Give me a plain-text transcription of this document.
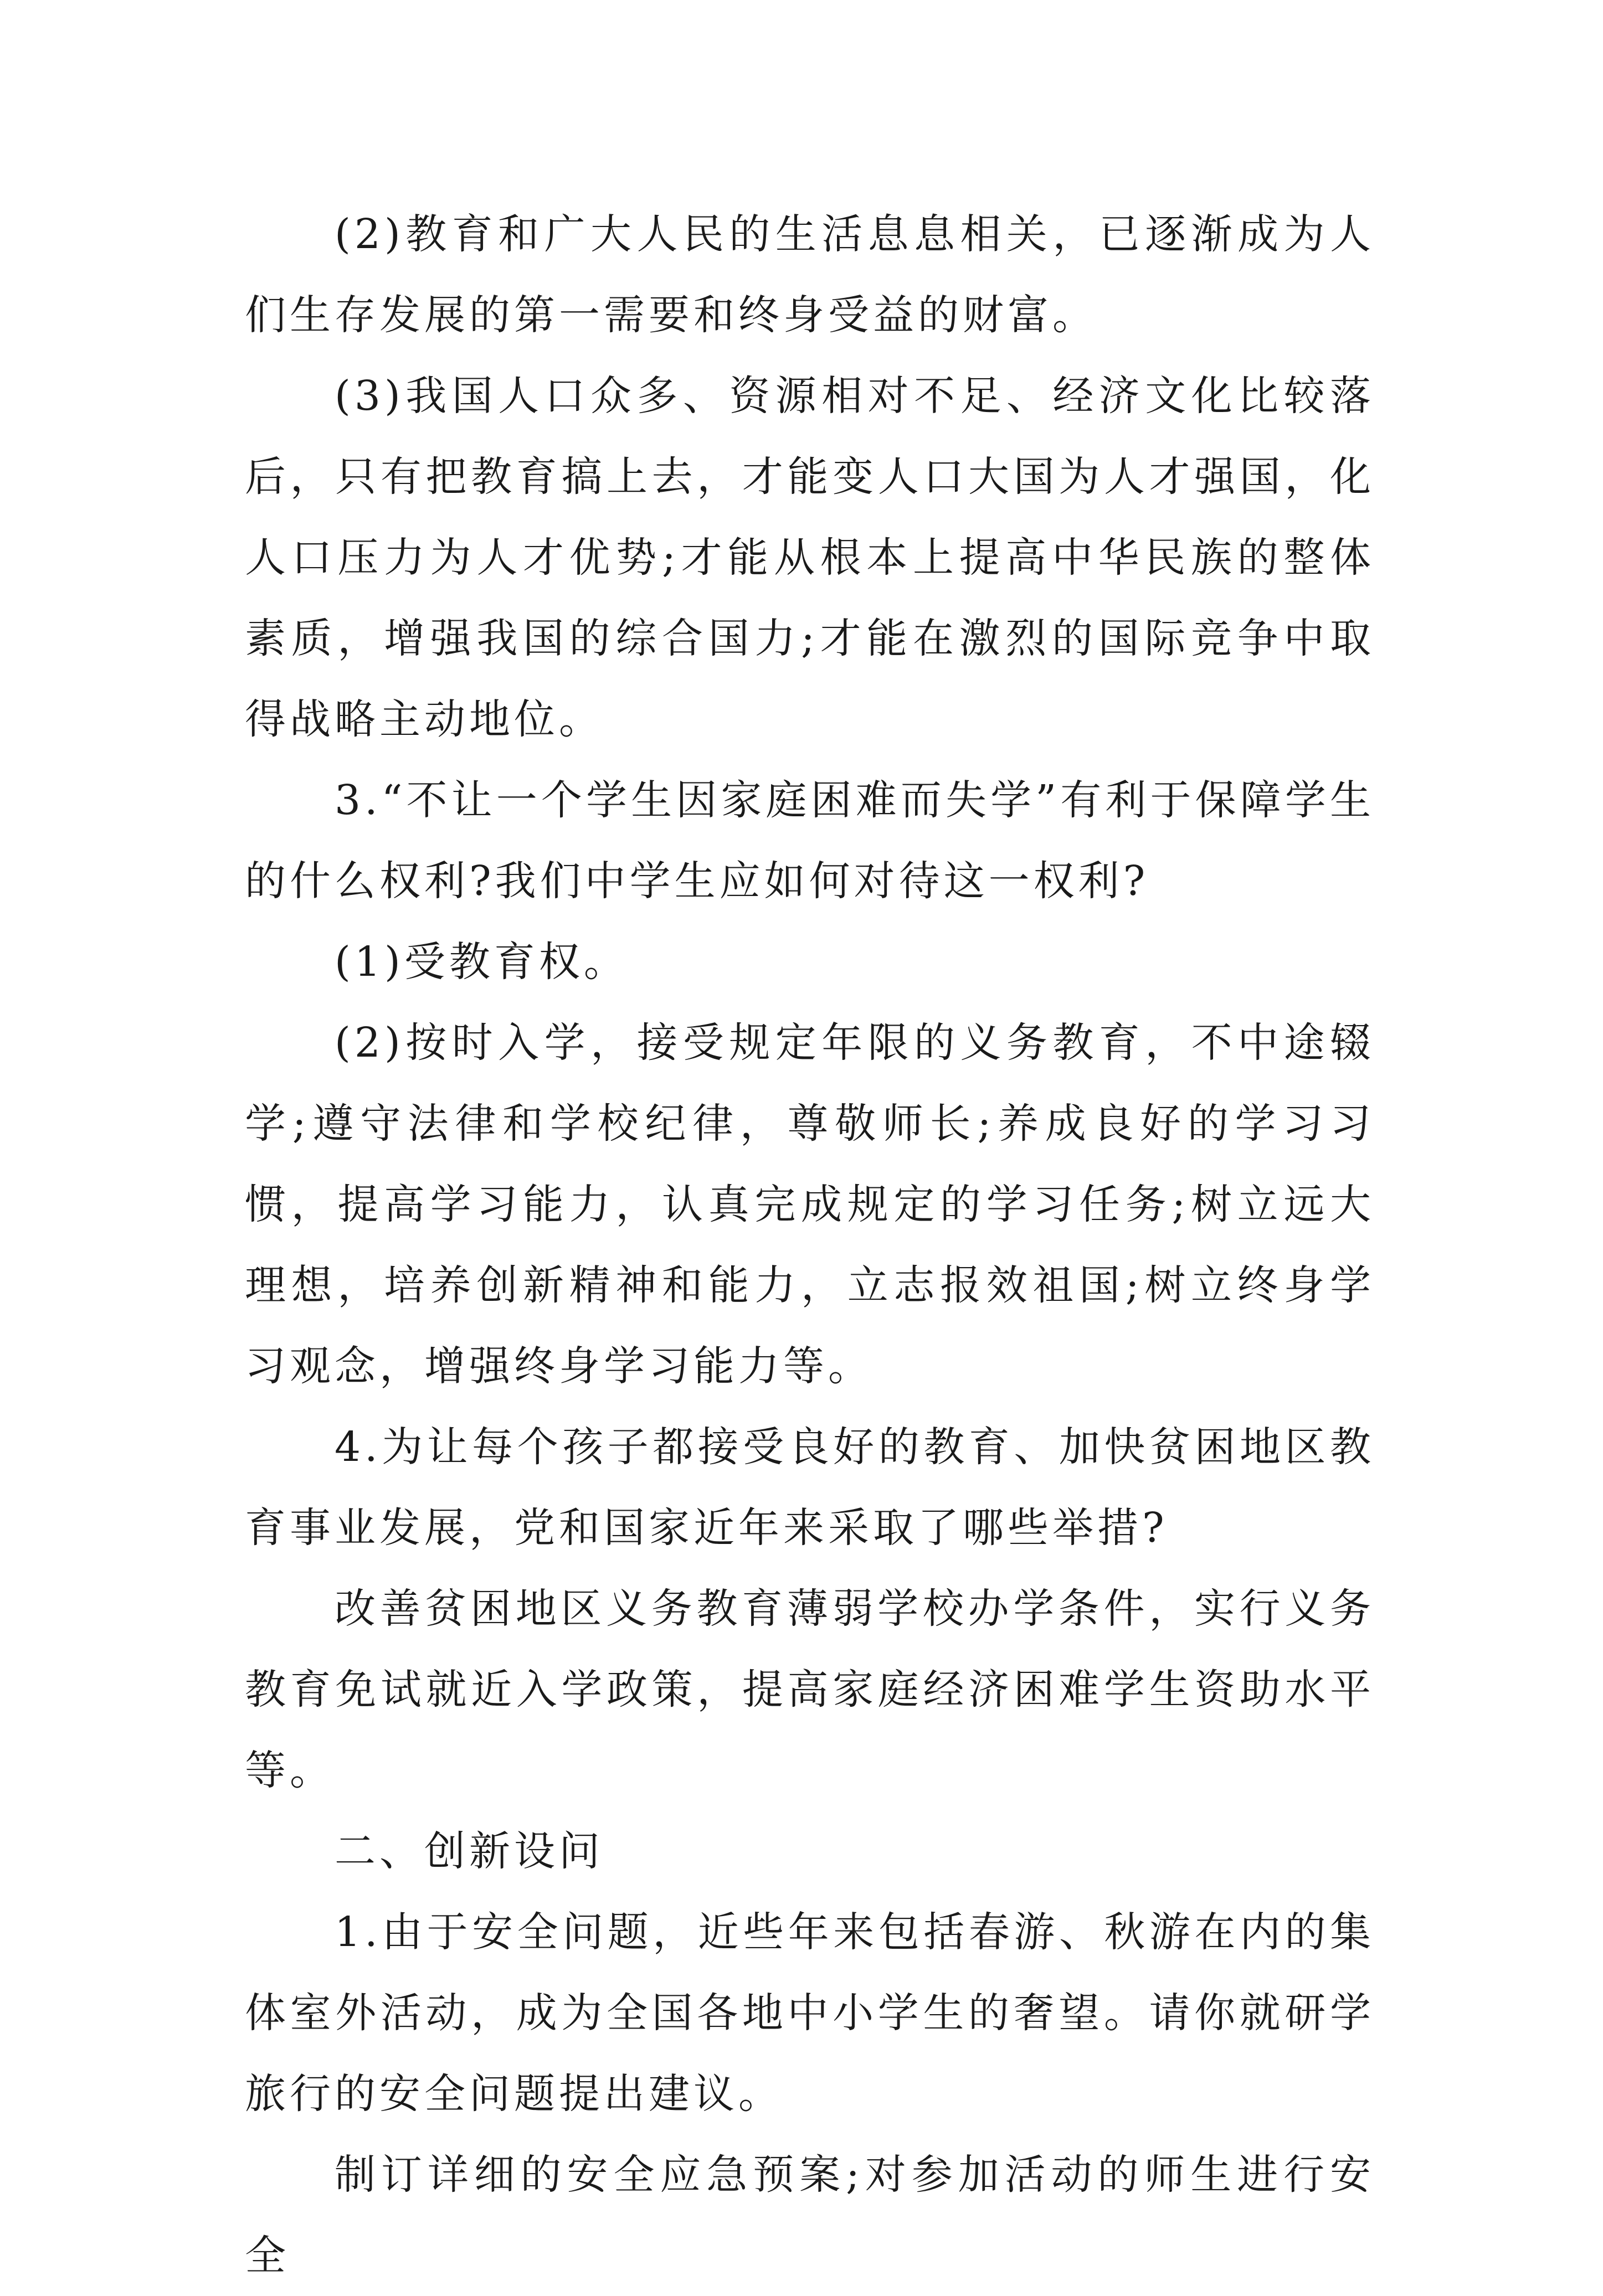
(2)教育和广大人民的生活息息相关，已逐渐成为人们生存发展的第一需要和终身受益的财富。

(3)我国人口众多、资源相对不足、经济文化比较落后，只有把教育搞上去，才能变人口大国为人才强国，化人口压力为人才优势;才能从根本上提高中华民族的整体素质，增强我国的综合国力;才能在激烈的国际竞争中取得战略主动地位。

3.“不让一个学生因家庭困难而失学”有利于保障学生的什么权利?我们中学生应如何对待这一权利?

(1)受教育权。

(2)按时入学，接受规定年限的义务教育，不中途辍学;遵守法律和学校纪律，尊敬师长;养成良好的学习习惯，提高学习能力，认真完成规定的学习任务;树立远大理想，培养创新精神和能力，立志报效祖国;树立终身学习观念，增强终身学习能力等。

4.为让每个孩子都接受良好的教育、加快贫困地区教育事业发展，党和国家近年来采取了哪些举措?

改善贫困地区义务教育薄弱学校办学条件，实行义务教育免试就近入学政策，提高家庭经济困难学生资助水平等。

二、创新设问

1.由于安全问题，近些年来包括春游、秋游在内的集体室外活动，成为全国各地中小学生的奢望。请你就研学旅行的安全问题提出建议。

制订详细的安全应急预案;对参加活动的师生进行安全
